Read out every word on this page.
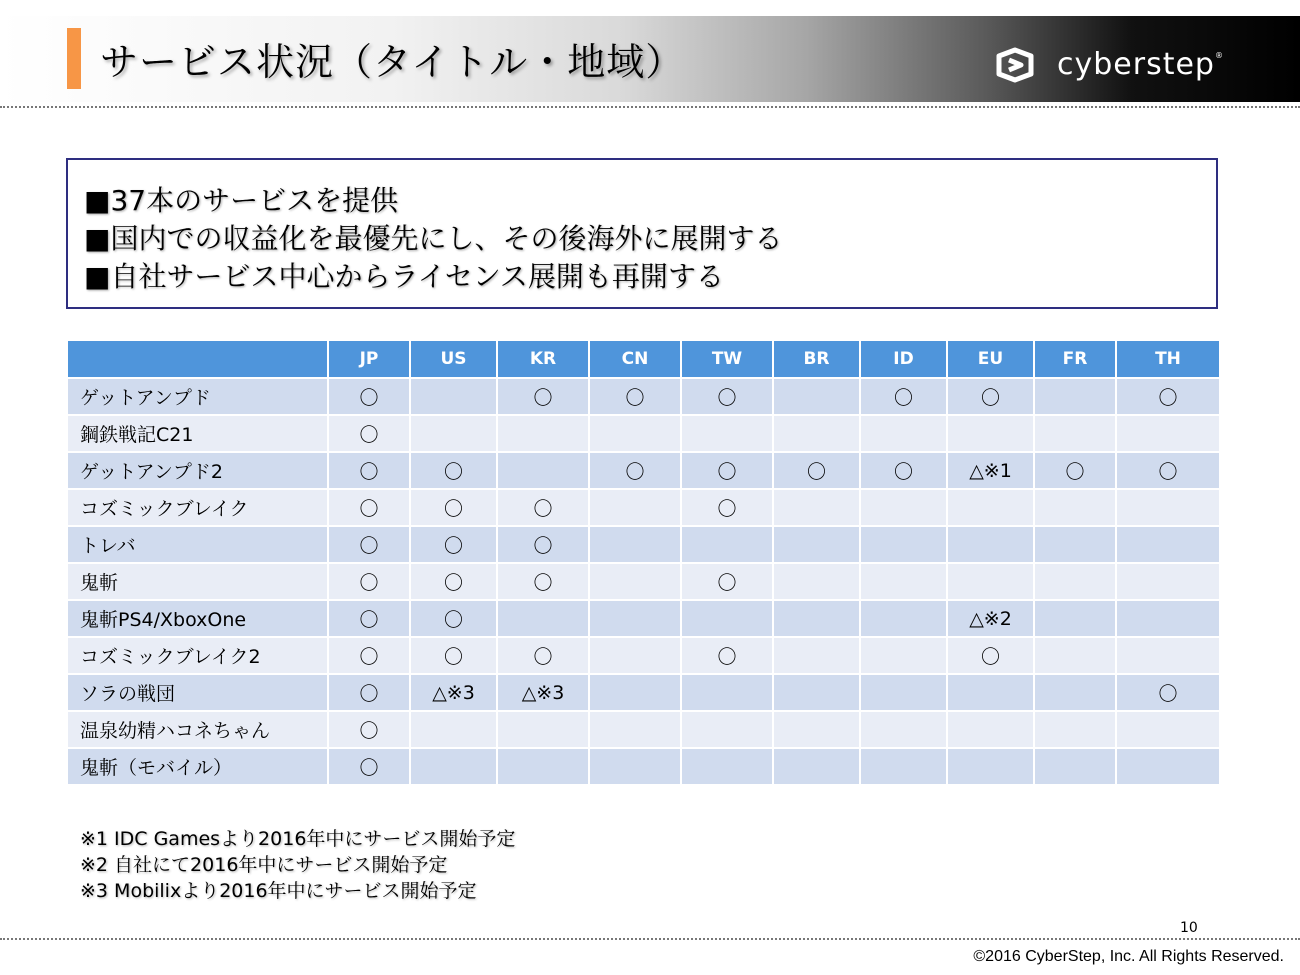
サービス状況（タイトル・地域）	cyberstep ®
■37本のサービスを提供
■国内での収益化を最優先にし、その後海外に展開する
■自社サービス中心からライセンス展開も再開する
	JP	US	KR	CN	TW	BR	ID	EU	FR	TH
ゲットアンプド	〇		〇	〇	〇		〇	〇		〇
鋼鉄戦記C21	〇									
ゲットアンプド2	〇	〇		〇	〇	〇	〇	△※1	〇	〇
コズミックブレイク	〇	〇	〇		〇					
トレバ	〇	〇	〇							
鬼斬	〇	〇	〇		〇					
鬼斬PS4/XboxOne	〇	〇						△※2		
コズミックブレイク2	〇	〇	〇		〇			〇		
ソラの戦団	〇	△※3	△※3							〇
温泉幼精ハコネちゃん	〇									
鬼斬（モバイル）	〇									
※1 IDC Gamesより2016年中にサービス開始予定
※2 自社にて2016年中にサービス開始予定
※3 Mobilixより2016年中にサービス開始予定
10
©2016 CyberStep, Inc. All Rights Reserved.
